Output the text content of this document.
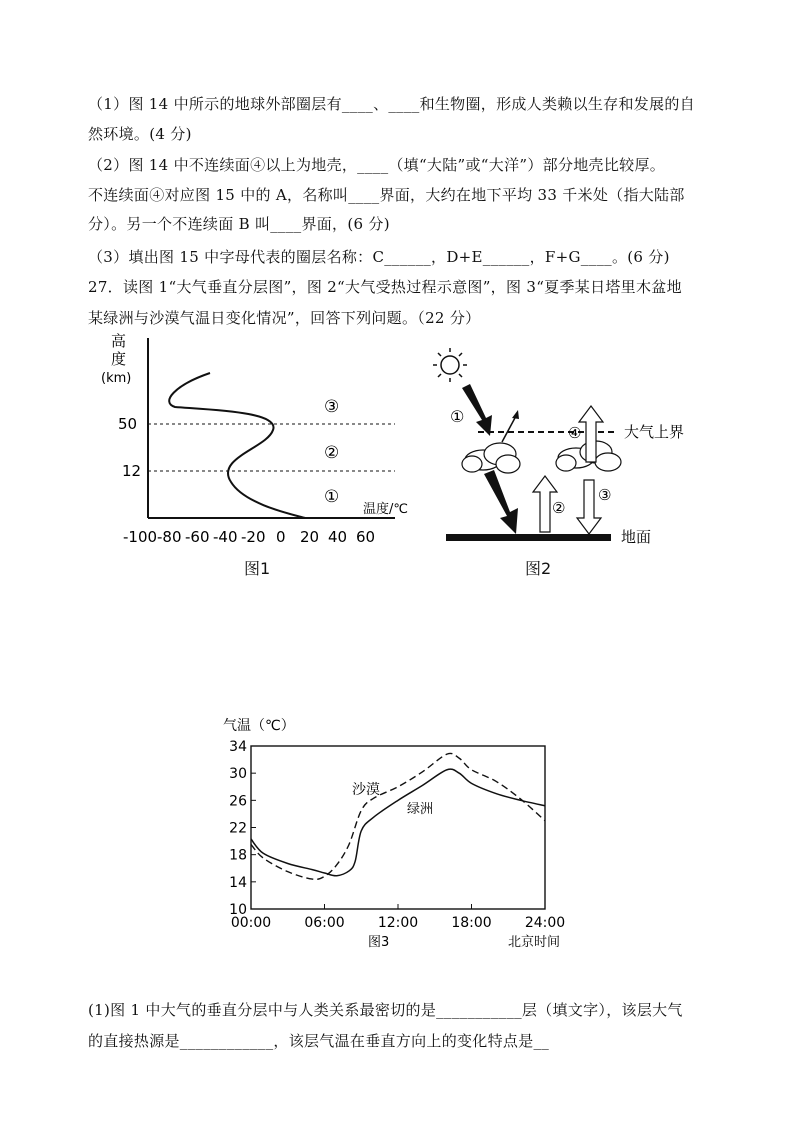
（1）图 14 中所示的地球外部圈层有____、____和生物圈，形成人类赖以生存和发展的自
然环境。(4 分)
（2）图 14 中不连续面④以上为地壳，____（填“大陆”或“大洋”）部分地壳比较厚。
不连续面④对应图 15 中的 A，名称叫____界面，大约在地下平均 33 千米处（指大陆部
分）。另一个不连续面 B 叫____界面，(6 分)
（3）填出图 15 中字母代表的圈层名称：C______，D+E______，F+G____。(6 分)
27．读图 1“大气垂直分层图”，图 2“大气受热过程示意图”，图 3“夏季某日塔里木盆地
某绿洲与沙漠气温日变化情况”，回答下列问题。（22 分）
高
度
(km)
50
12
③
②
①
温度/℃
-100 -80 -60 -40 -20 0 20 40 60
图1
大气上界
①
②
③
④
地面
图2
气温（℃）
34
30
26
22
18
14
10
00:00 06:00 12:00 18:00 24:00
沙漠
绿洲
图3	北京时间
(1)图 1 中大气的垂直分层中与人类关系最密切的是___________层（填文字），该层大气
的直接热源是____________，该层气温在垂直方向上的变化特点是__
